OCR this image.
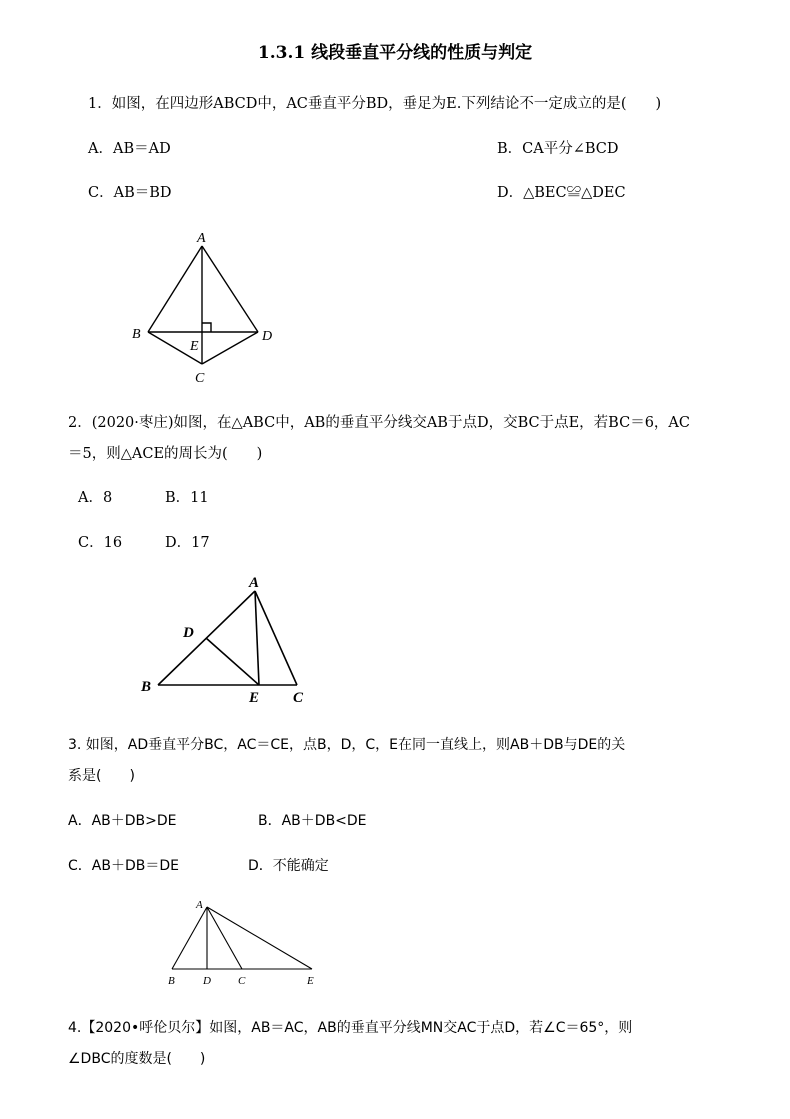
1.3.1 线段垂直平分线的性质与判定
1．如图，在四边形ABCD中，AC垂直平分BD，垂足为E.下列结论不一定成立的是(　　)
A．AB＝AD	B．CA平分∠BCD
C．AB＝BD	D．△BEC≌△DEC
A
B	D
E
C
2．(2020·枣庄)如图，在△ABC中，AB的垂直平分线交AB于点D，交BC于点E，若BC＝6，AC
＝5，则△ACE的周长为(　　)
A．8	B．11
C．16	D．17
A
B
D
E C
3. 如图，AD垂直平分BC，AC＝CE，点B，D，C，E在同一直线上，则AB＋DB与DE的关
系是(　　)
A．AB＋DB>DE	B．AB＋DB<DE
C．AB＋DB＝DE	D．不能确定
A
B	D C	E
4.【2020•呼伦贝尔】如图，AB＝AC，AB的垂直平分线MN交AC于点D，若∠C＝65°，则
∠DBC的度数是(　　)
